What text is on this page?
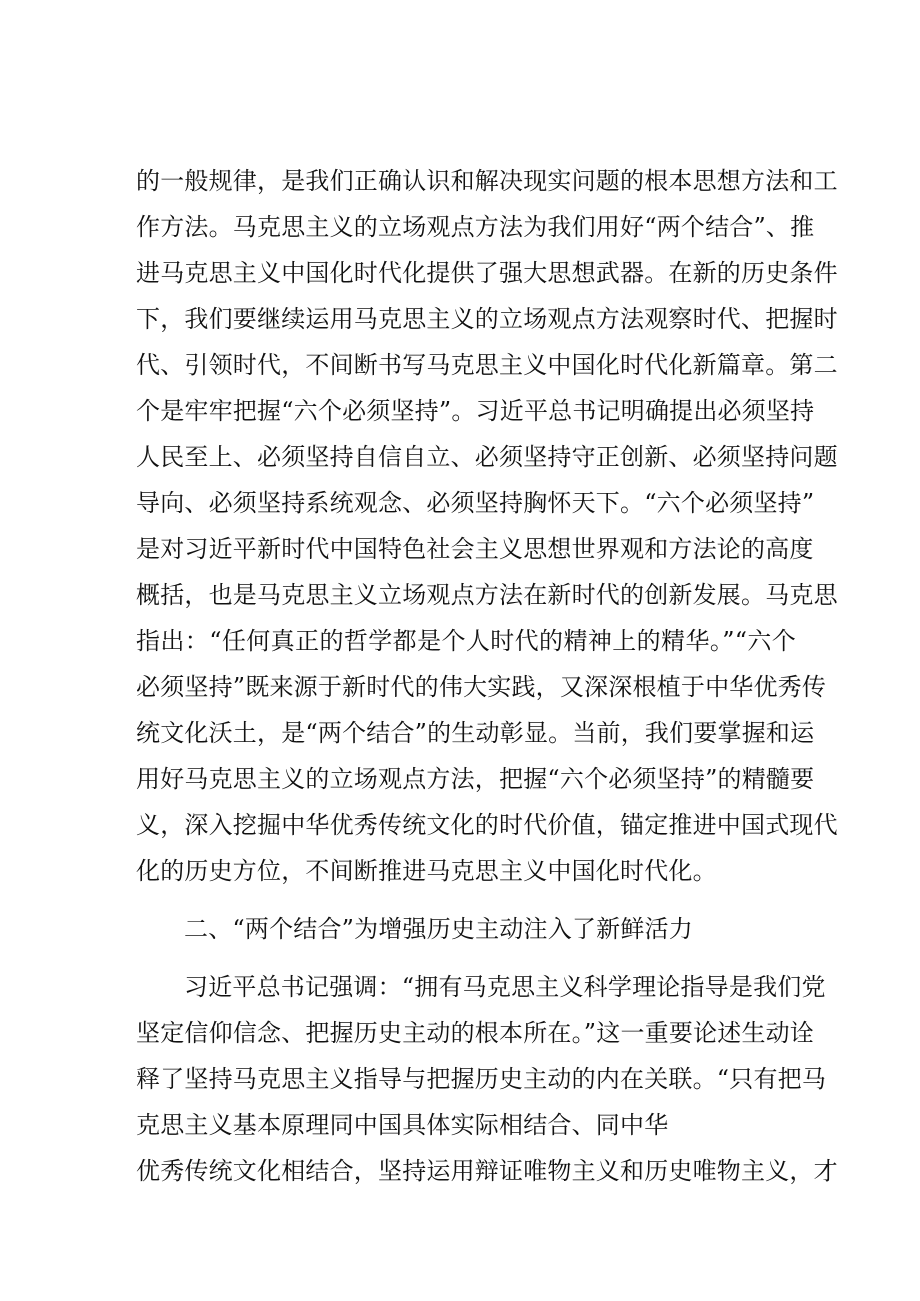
的一般规律，是我们正确认识和解决现实问题的根本思想方法和工
作方法。马克思主义的立场观点方法为我们用好“两个结合”、推
进马克思主义中国化时代化提供了强大思想武器。在新的历史条件
下，我们要继续运用马克思主义的立场观点方法观察时代、把握时
代、引领时代，不间断书写马克思主义中国化时代化新篇章。第二
个是牢牢把握“六个必须坚持”。习近平总书记明确提出必须坚持
人民至上、必须坚持自信自立、必须坚持守正创新、必须坚持问题
导向、必须坚持系统观念、必须坚持胸怀天下。“六个必须坚持”
是对习近平新时代中国特色社会主义思想世界观和方法论的高度
概括，也是马克思主义立场观点方法在新时代的创新发展。马克思
指出：“任何真正的哲学都是个人时代的精神上的精华。”“六个
必须坚持”既来源于新时代的伟大实践，又深深根植于中华优秀传
统文化沃土，是“两个结合”的生动彰显。当前，我们要掌握和运
用好马克思主义的立场观点方法，把握“六个必须坚持”的精髓要
义，深入挖掘中华优秀传统文化的时代价值，锚定推进中国式现代
化的历史方位，不间断推进马克思主义中国化时代化。
二、“两个结合”为增强历史主动注入了新鲜活力
习近平总书记强调：“拥有马克思主义科学理论指导是我们党
坚定信仰信念、把握历史主动的根本所在。”这一重要论述生动诠
释了坚持马克思主义指导与把握历史主动的内在关联。“只有把马
克思主义基本原理同中国具体实际相结合、同中华
优秀传统文化相结合，坚持运用辩证唯物主义和历史唯物主义，才
